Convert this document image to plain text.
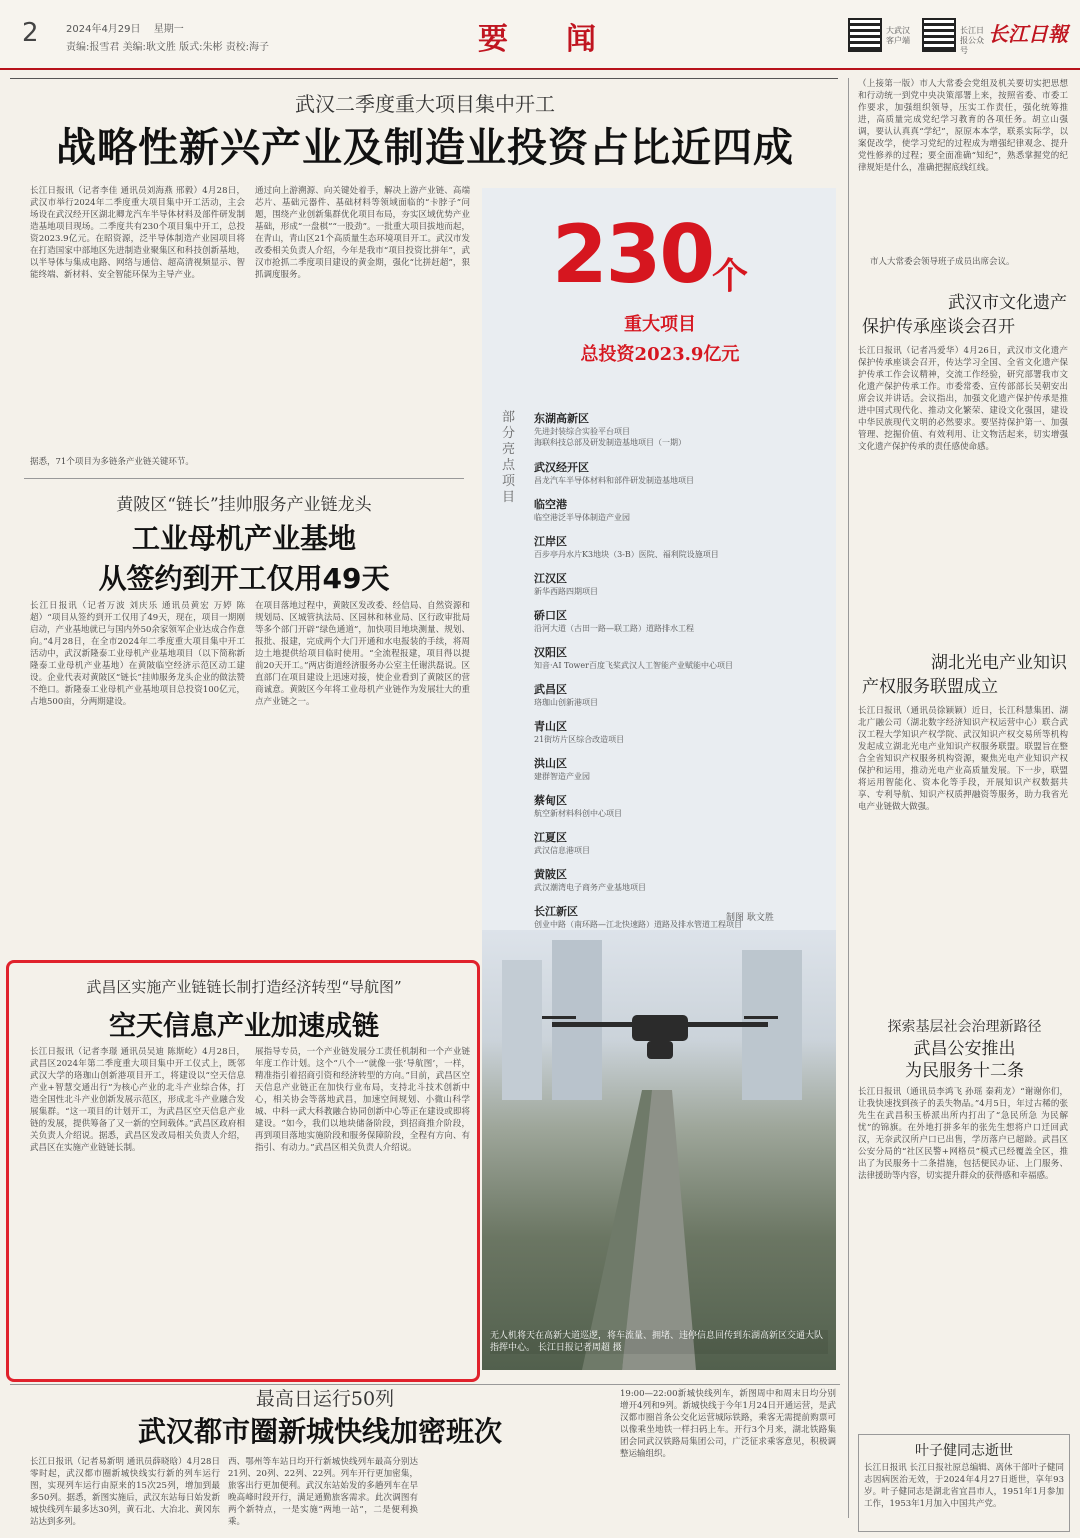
2	2024年4月29日　 星期一
责编:报雪君 美编:耿文胜 版式:朱彬 责校:海子	要　闻	大武汉客户端
长江日报公众号
长江日報
武汉二季度重大项目集中开工
战略性新兴产业及制造业投资占比近四成
长江日报讯（记者李佳 通讯员刘海燕 邢毅）4月28日，武汉市举行2024年二季度重大项目集中开工活动，主会场设在武汉经开区湖北卿龙汽车半导体材料及部件研发制造基地项目现场。二季度共有230个项目集中开工，总投资2023.9亿元。在昭资源，泛半导体制造产业园项目将在打造国家中部地区先进制造业聚集区和科技创新基地，以半导体与集成电路、网络与通信、超高清视频显示、智能终端、新材料、安全智能环保为主导产业。
通过向上游溯源、向关键处着手，解决上游产业链、高端芯片、基础元器件、基础材料等领域面临的“卡脖子”问题，围绕产业创新集群优化项目布局，夯实区域优势产业基础，形成“一盘棋”“一股劲”。一批重大项目拔地而起，在青山，青山区21个高质量生态环境项目开工。武汉市发改委相关负责人介绍，今年是我市“项目投资比拼年”，武汉市抢抓二季度项目建设的黄金期，强化“比拼赶超”，狠抓调度服务。
据悉，71个项目为多链条产业链关键环节。
230 个
重大项目
总投资2023.9亿元
部分亮点项目
东湖高新区
先进封装综合实验平台项目
海联科技总部及研发制造基地项目（一期）
武汉经开区
昌龙汽车半导体材料和部件研发制造基地项目
临空港
临空港泛半导体制造产业园
江岸区
百步亭丹水片K3地块（3-B）医院、福利院设施项目
江汉区
新华西路四期项目
硚口区
沿河大道（古田一路—联工路）道路排水工程
汉阳区
知音·AI Tower百度飞桨武汉人工智能产业赋能中心项目
武昌区
珞珈山创新港项目
青山区
21街坊片区综合改造项目
洪山区
建群智造产业园
蔡甸区
航空新材料科创中心项目
江夏区
武汉信息港项目
黄陂区
武汉潮湾电子商务产业基地项目
长江新区
创业中路（南环路—江北快速路）道路及排水管道工程项目
制图 耿文胜
黄陂区“链长”挂帅服务产业链龙头
工业母机产业基地
从签约到开工仅用49天
长江日报讯（记者万波 刘庆乐 通讯员黄宏 万婷 陈超）“项目从签约到开工仅用了49天，现在，项目一期刚启动，产业基地就已与国内外50余家领军企业达成合作意向。”4月28日，在全市2024年二季度重大项目集中开工活动中，武汉新隆泰工业母机产业基地项目（以下简称新隆泰工业母机产业基地）在黄陂临空经济示范区动工建设。企业代表对黄陂区“链长”挂帅服务龙头企业的做法赞不绝口。新隆泰工业母机产业基地项目总投资100亿元，占地500亩，分两期建设。
在项目落地过程中，黄陂区发改委、经信局、自然资源和规划局、区城管执法局、区园林和林业局、区行政审批局等多个部门开辟“绿色通道”，加快项目地块测量、规划、报批、报建，完成两个大门开通和水电报装的手续，将周边土地提供给项目临时使用。“全流程报建，项目得以提前20天开工。”两店街道经济服务办公室主任谢洪磊说。区直部门在项目建设上迅速对接，使企业看到了黄陂区的营商诚意。黄陂区今年将工业母机产业链作为发展壮大的重点产业链之一。
武昌区实施产业链链长制打造经济转型“导航图”
空天信息产业加速成链
长江日报讯（记者李璟 通讯员吴迪 陈斯屹）4月28日，武昌区2024年第二季度重大项目集中开工仪式上，既邻武汉大学的珞珈山创新港项目开工，将建设以“空天信息产业+智慧交通出行”为核心产业的北斗产业综合体，打造全国性北斗产业创新发展示范区，形成北斗产业融合发展集群。“这一项目的计划开工，为武昌区空天信息产业链的发展，提供筹备了又一新的空间载体。”武昌区政府相关负责人介绍说。据悉，武昌区发改局相关负责人介绍，武昌区在实施产业链链长制。
展指导专员，一个产业链发展分工责任机制和一个产业链年度工作计划。这个“八个一”就像一张‘导航图’，一样，精准指引着招商引资和经济转型的方向。”目前，武昌区空天信息产业链正在加快行业布局，支持北斗技术创新中心，相关协会等落地武昌，加速空间规划、小微山科学城、中科一武大科教融合协同创新中心等正在建设或即将建设。“如今，我们以地块储备阶段，到招商推介阶段，再到项目落地实施阶段和服务保障阶段，全程有方向、有指引、有动力。”武昌区相关负责人介绍说。
无人机将天在高新大道巡逻，将车流量、拥堵、违停信息回传到东湖高新区交通大队指挥中心。 长江日报记者周超 摄
（上接第一版）市人大常委会党组及机关要切实把思想和行动统一到党中央决策部署上来，按照省委、市委工作要求，加强组织领导，压实工作责任，强化统筹推进，高质量完成党纪学习教育的各项任务。胡立山强调，要认认真真“学纪”，原原本本学，联系实际学，以案促改学，使学习党纪的过程成为增强纪律观念、提升党性修养的过程；要全面准确“知纪”，熟悉掌握党的纪律规矩是什么，准确把握底线红线。
市人大常委会领导班子成员出席会议。
武汉市文化遗产
保护传承座谈会召开
长江日报讯（记者冯爱华）4月26日，武汉市文化遗产保护传承座谈会召开，传达学习全国、全省文化遗产保护传承工作会议精神，交流工作经验，研究部署我市文化遗产保护传承工作。市委常委、宣传部部长吴朝安出席会议并讲话。会议指出，加强文化遗产保护传承是推进中国式现代化、推动文化繁荣、建设文化强国，建设中华民族现代文明的必然要求。要坚持保护第一、加强管理、挖掘价值、有效利用、让文物活起来，切实增强文化遗产保护传承的责任感使命感。
湖北光电产业知识
产权服务联盟成立
长江日报讯（通讯员徐颖颖）近日，长江科慧集团、湖北广融公司（湖北数字经济知识产权运营中心）联合武汉工程大学知识产权学院、武汉知识产权交易所等机构发起成立湖北光电产业知识产权服务联盟。联盟旨在整合全省知识产权服务机构资源，聚焦光电产业知识产权保护和运用，推动光电产业高质量发展。下一步，联盟将运用智能化、资本化等手段，开展知识产权数据共享、专利导航、知识产权质押融资等服务，助力我省光电产业链做大做强。
探索基层社会治理新路径
武昌公安推出
为民服务十二条
长江日报讯（通讯员李鸿飞 孙瑶 秦莉龙）“谢谢你们，让我快速找到孩子的丢失物品。”4月5日，年过古稀的张先生在武昌积玉桥派出所内打出了“急民所急 为民解忧”的锦旗。在外地打拼多年的张先生想将户口迁回武汉，无奈武汉所户口已出售，学历落户已超龄。武昌区公安分局的“社区民警+网格员”模式已经覆盖全区，推出了为民服务十二条措施，包括便民办证、上门服务、法律援助等内容，切实提升群众的获得感和幸福感。
叶子健同志逝世
长江日报讯 长江日报社原总编辑、离休干部叶子健同志因病医治无效，于2024年4月27日逝世，享年93岁。叶子健同志是湖北省宜昌市人，1951年1月参加工作，1953年1月加入中国共产党。
最高日运行50列
武汉都市圈新城快线加密班次
长江日报讯（记者易新明 通讯员薛晓晗）4月28日零时起，武汉都市圈新城快线实行新的列车运行图，实现列车运行由原来的15次25列，增加到最多50列。据悉，新图实施后，武汉东站每日始发新城快线列车最多达30列，黄石北、大冶北、黄冈东站达到多列。
西、鄂州等车站日均开行新城快线列车最高分别达21列、20列、22列、22列。列车开行更加密集，旅客出行更加便利。武汉东站始发的多趟列车在早晚高峰时段开行，满足通勤旅客需求。此次调图有两个新特点，一是实施“两地一站”，二是便利换乘。
19:00—22:00新城快线列车，新图周中和周末日均分别增开4列和9列。新城快线于今年1月24日开通运营，是武汉都市圈首条公交化运营城际铁路，乘客无需提前购票可以像乘坐地铁一样扫码上车。开行3个月来，湖北铁路集团会同武汉铁路局集团公司，广泛征求乘客意见，积极调整运输组织。
